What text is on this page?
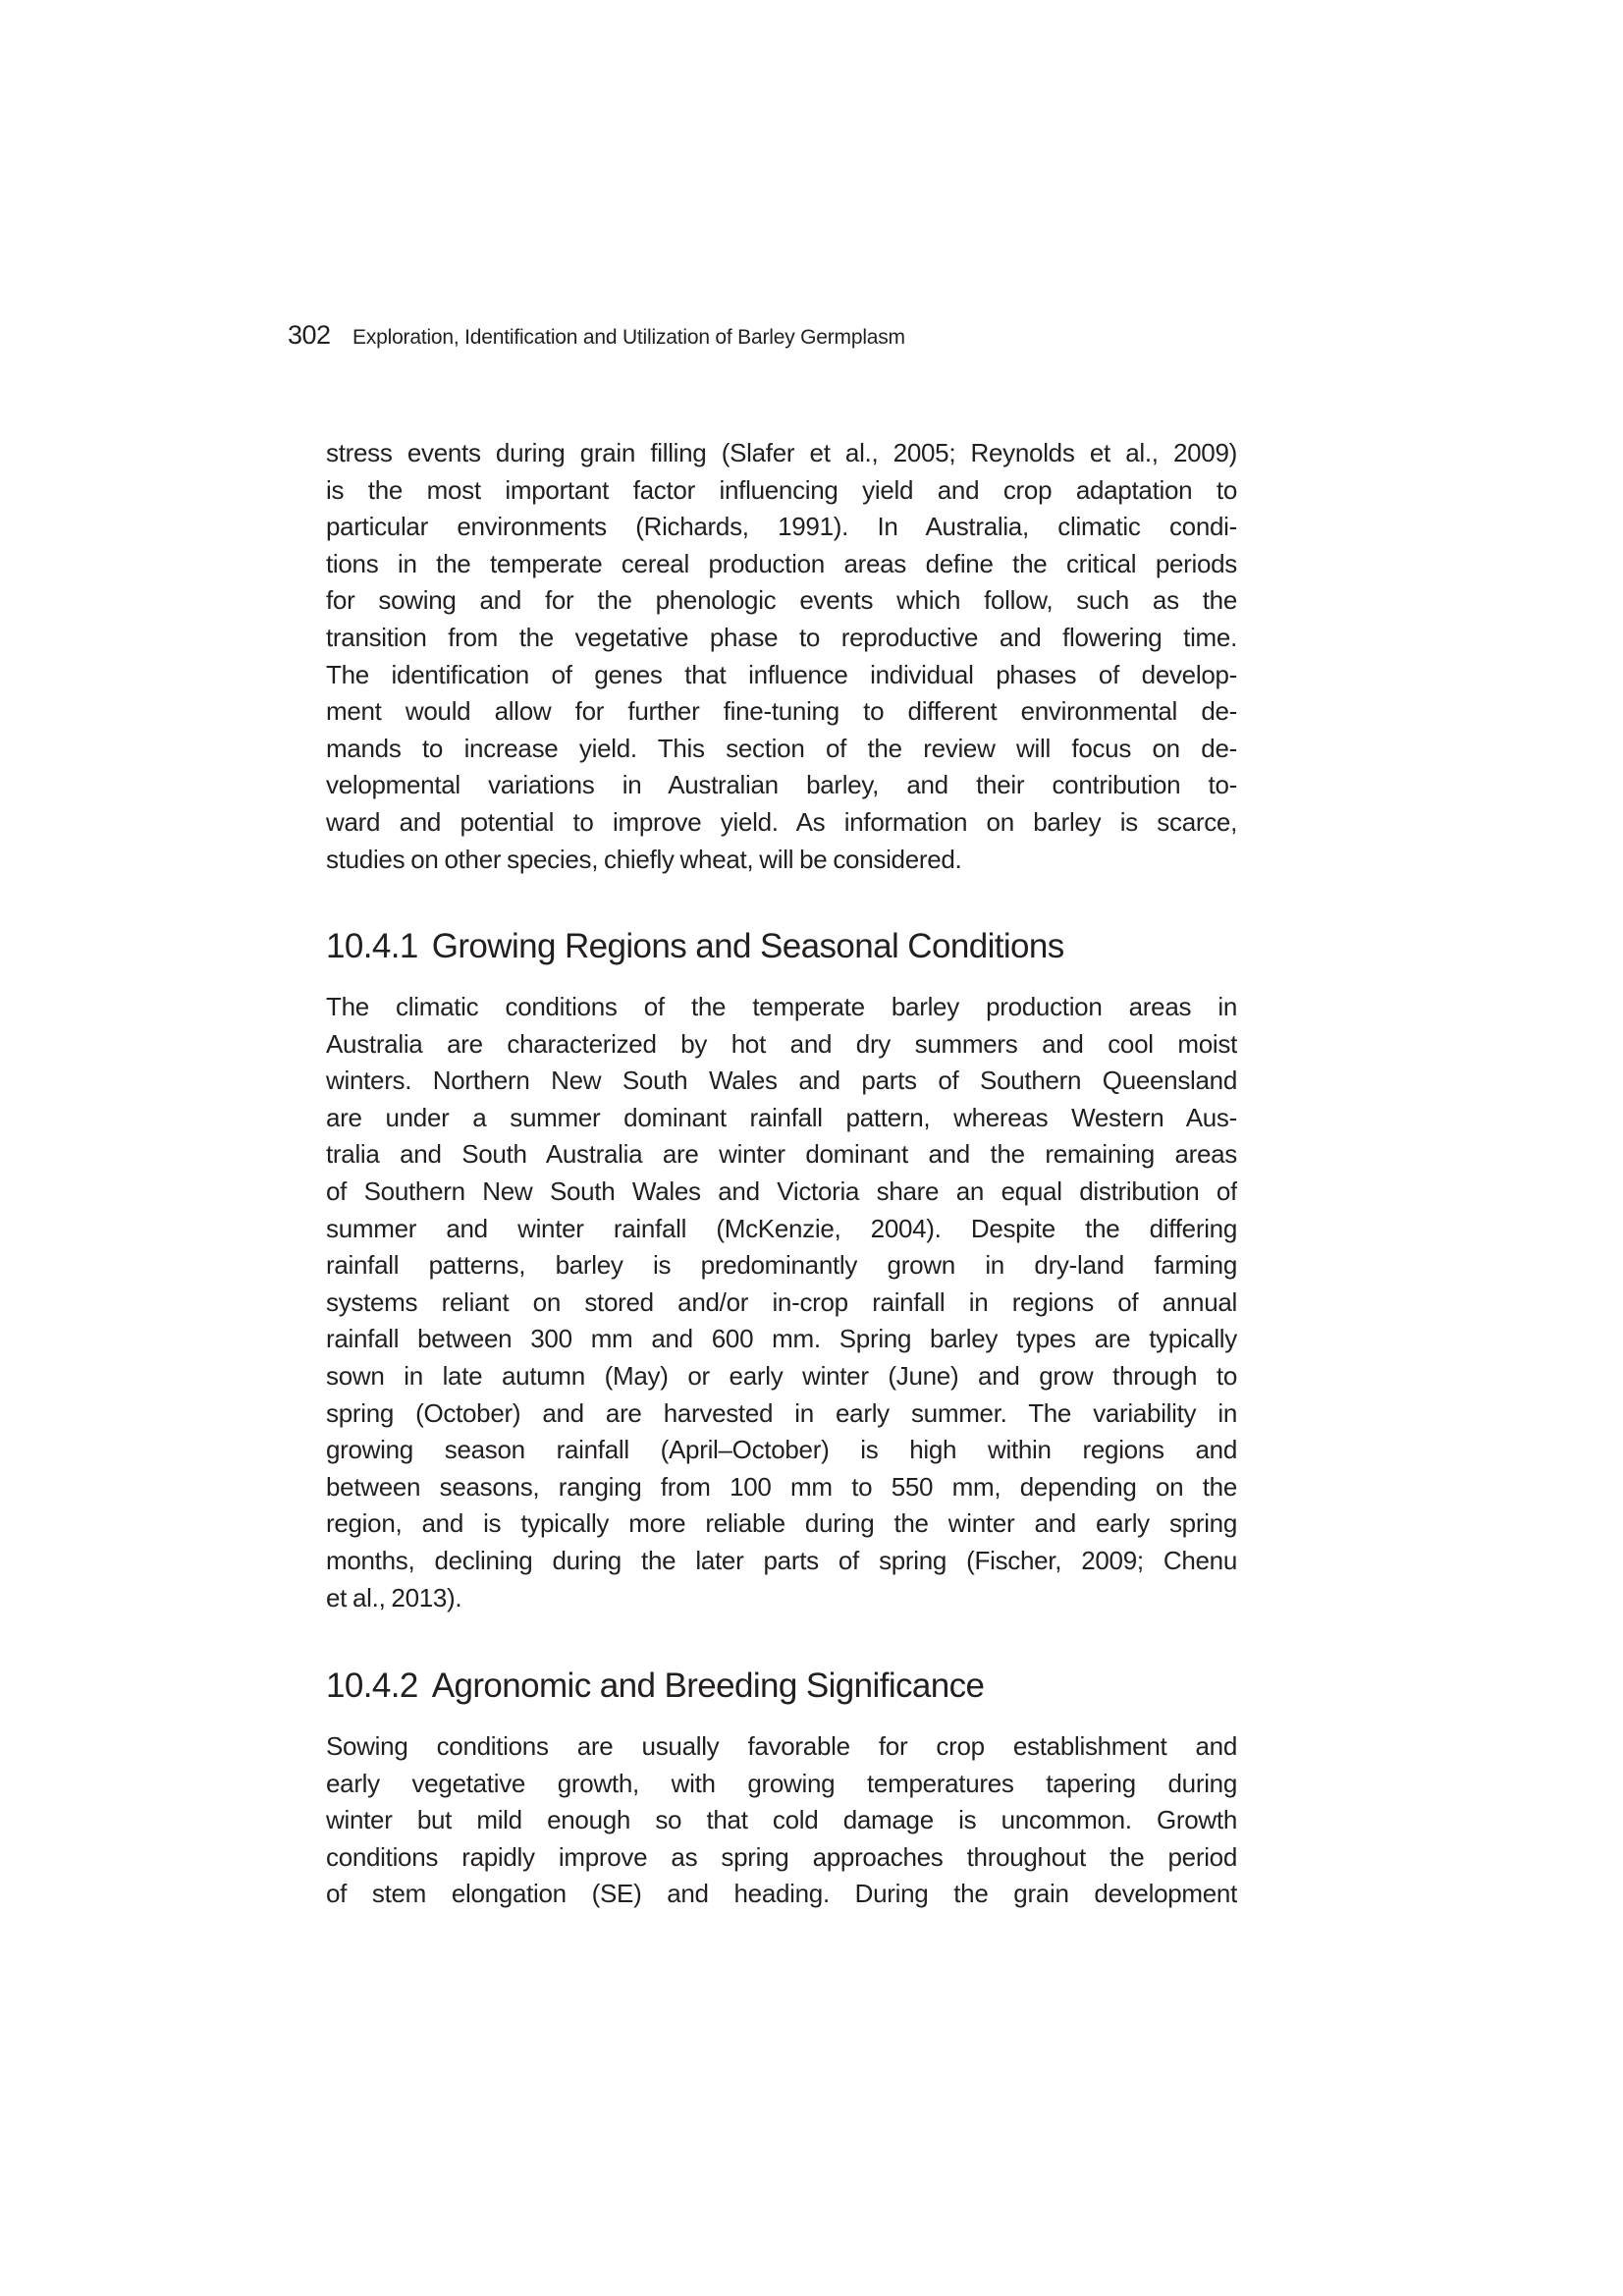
302 Exploration, Identification and Utilization of Barley Germplasm
stress events during grain filling (Slafer et al., 2005; Reynolds et al., 2009)
is the most important factor influencing yield and crop adaptation to
particular environments (Richards, 1991). In Australia, climatic condi-
tions in the temperate cereal production areas define the critical periods
for sowing and for the phenologic events which follow, such as the
transition from the vegetative phase to reproductive and flowering time.
The identification of genes that influence individual phases of develop-
ment would allow for further fine-tuning to different environmental de-
mands to increase yield. This section of the review will focus on de-
velopmental variations in Australian barley, and their contribution to-
ward and potential to improve yield. As information on barley is scarce,
studies on other species, chiefly wheat, will be considered.
10.4.1 Growing Regions and Seasonal Conditions
The climatic conditions of the temperate barley production areas in
Australia are characterized by hot and dry summers and cool moist
winters. Northern New South Wales and parts of Southern Queensland
are under a summer dominant rainfall pattern, whereas Western Aus-
tralia and South Australia are winter dominant and the remaining areas
of Southern New South Wales and Victoria share an equal distribution of
summer and winter rainfall (McKenzie, 2004). Despite the differing
rainfall patterns, barley is predominantly grown in dry-land farming
systems reliant on stored and/or in-crop rainfall in regions of annual
rainfall between 300 mm and 600 mm. Spring barley types are typically
sown in late autumn (May) or early winter (June) and grow through to
spring (October) and are harvested in early summer. The variability in
growing season rainfall (April–October) is high within regions and
between seasons, ranging from 100 mm to 550 mm, depending on the
region, and is typically more reliable during the winter and early spring
months, declining during the later parts of spring (Fischer, 2009; Chenu
et al., 2013).
10.4.2 Agronomic and Breeding Significance
Sowing conditions are usually favorable for crop establishment and
early vegetative growth, with growing temperatures tapering during
winter but mild enough so that cold damage is uncommon. Growth
conditions rapidly improve as spring approaches throughout the period
of stem elongation (SE) and heading. During the grain development
